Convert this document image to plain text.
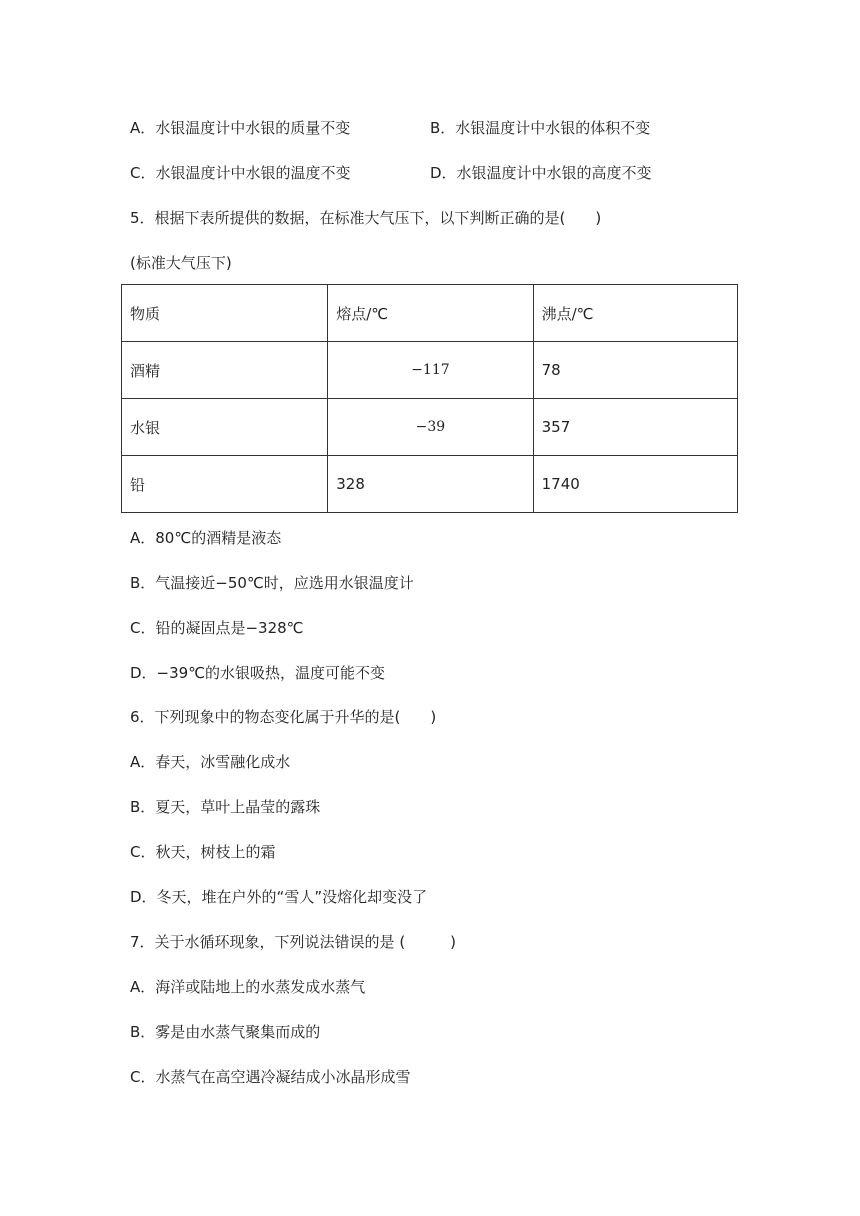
A．水银温度计中水银的质量不变	B．水银温度计中水银的体积不变
C．水银温度计中水银的温度不变	D．水银温度计中水银的高度不变
5．根据下表所提供的数据，在标准大气压下，以下判断正确的是(　　)
(标准大气压下)
物质	熔点/℃	沸点/℃
酒精	−117	78
水银	−39	357
铅	328	1740
A．80℃的酒精是液态
B．气温接近−50℃时，应选用水银温度计
C．铅的凝固点是−328℃
D．−39℃的水银吸热，温度可能不变
6．下列现象中的物态变化属于升华的是(　　)
A．春天，冰雪融化成水
B．夏天，草叶上晶莹的露珠
C．秋天，树枝上的霜
D．冬天，堆在户外的“雪人”没熔化却变没了
7．关于水循环现象，下列说法错误的是 (　　　)
A．海洋或陆地上的水蒸发成水蒸气
B．雾是由水蒸气聚集而成的
C．水蒸气在高空遇冷凝结成小冰晶形成雪
